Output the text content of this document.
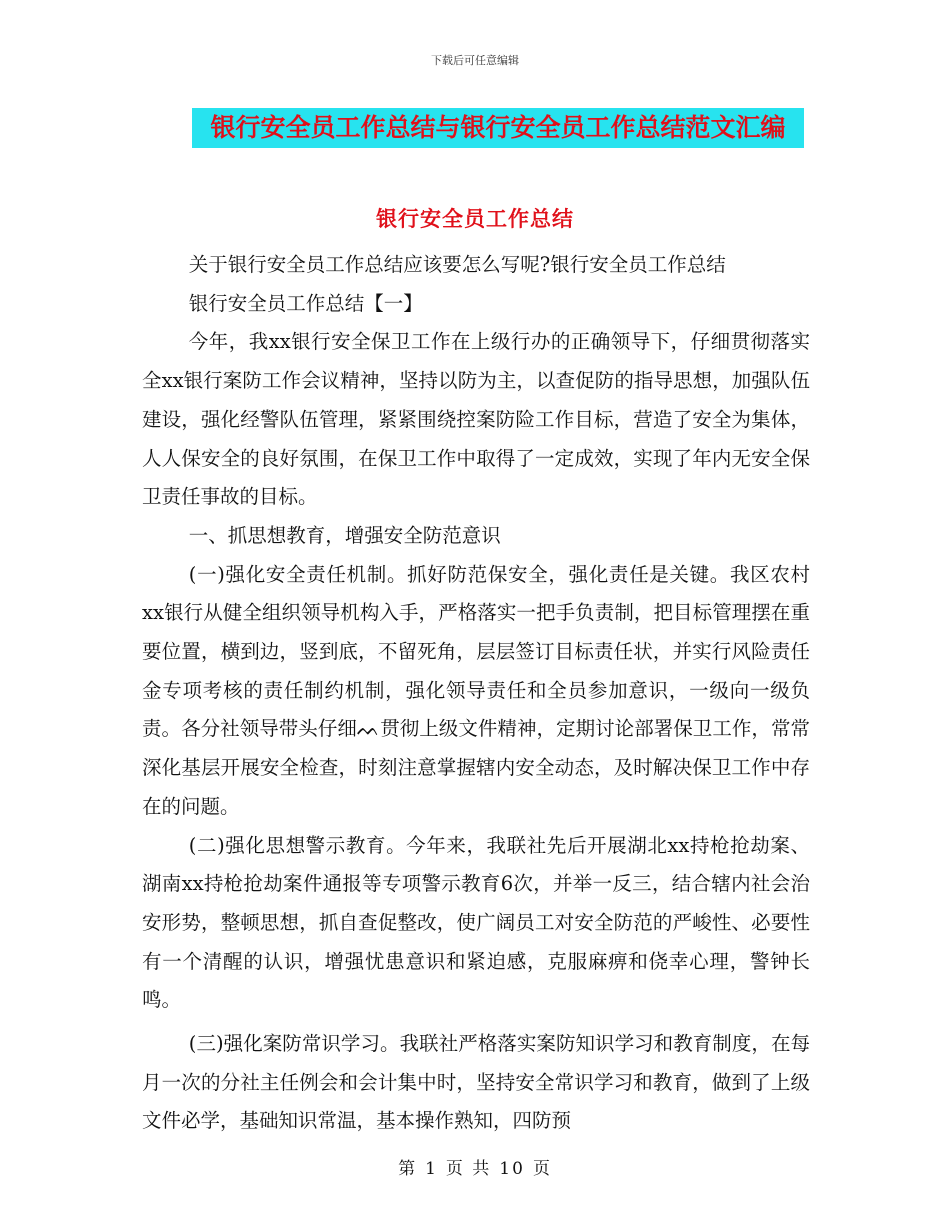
下载后可任意编辑
银行安全员工作总结与银行安全员工作总结范文汇编
银行安全员工作总结

关于银行安全员工作总结应该要怎么写呢?银行安全员工作总结

银行安全员工作总结【一】

今年，我xx银行安全保卫工作在上级行办的正确领导下，仔细贯彻落实全xx银行案防工作会议精神，坚持以防为主，以查促防的指导思想，加强队伍建设，强化经警队伍管理，紧紧围绕控案防险工作目标，营造了安全为集体，人人保安全的良好氛围，在保卫工作中取得了一定成效，实现了年内无安全保卫责任事故的目标。

一、抓思想教育，增强安全防范意识

(一)强化安全责任机制。抓好防范保安全，强化责任是关键。我区农村xx银行从健全组织领导机构入手，严格落实一把手负责制，把目标管理摆在重要位置，横到边，竖到底，不留死角，层层签订目标责任状，并实行风险责任金专项考核的责任制约机制，强化领导责任和全员参加意识，一级向一级负责。各分社领导带头仔细ᨓ贯彻上级文件精神，定期讨论部署保卫工作，常常深化基层开展安全检查，时刻注意掌握辖内安全动态，及时解决保卫工作中存在的问题。

(二)强化思想警示教育。今年来，我联社先后开展湖北xx持枪抢劫案、湖南xx持枪抢劫案件通报等专项警示教育6次，并举一反三，结合辖内社会治安形势，整顿思想，抓自查促整改，使广阔员工对安全防范的严峻性、必要性有一个清醒的认识，增强忧患意识和紧迫感，克服麻痹和侥幸心理，警钟长鸣。

(三)强化案防常识学习。我联社严格落实案防知识学习和教育制度，在每月一次的分社主任例会和会计集中时，坚持安全常识学习和教育，做到了上级文件必学，基础知识常温，基本操作熟知，四防预

第 1 页 共 10 页
